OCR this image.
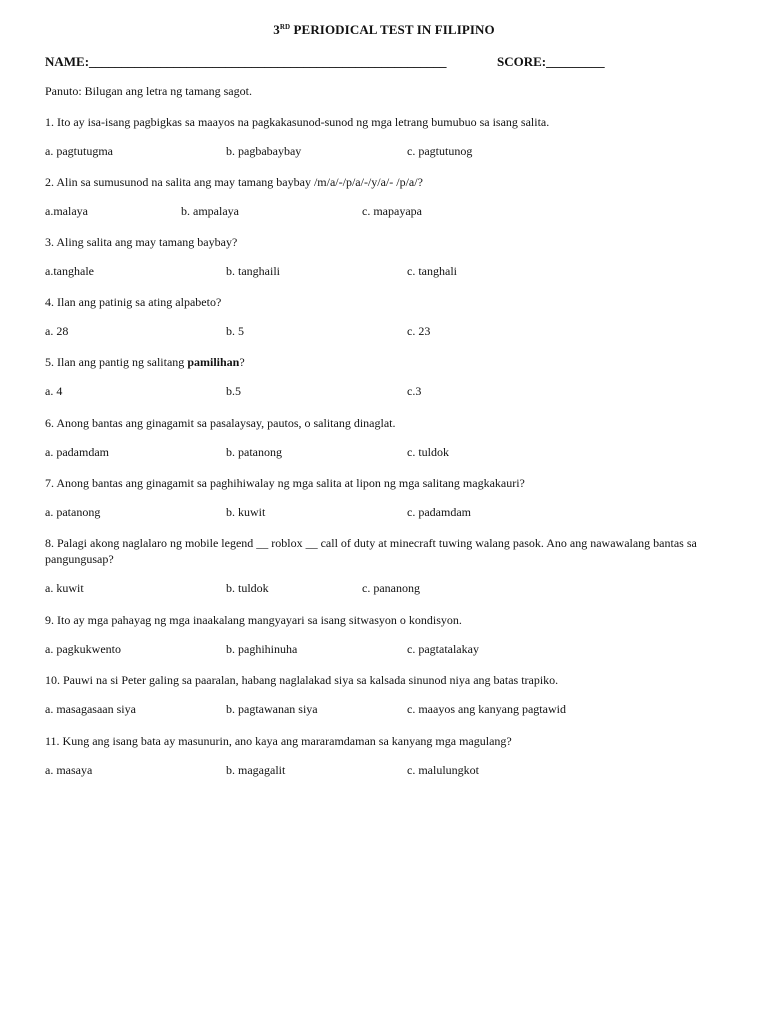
3RD PERIODICAL TEST IN FILIPINO
NAME:_______________________________________________________	SCORE:_________
Panuto: Bilugan ang letra ng tamang sagot.
1. Ito ay isa-isang pagbigkas sa maayos na pagkakasunod-sunod ng mga letrang bumubuo sa isang salita.
a. pagtutugma	b. pagbabaybay	c. pagtutunog
2. Alin sa sumusunod na salita ang may tamang baybay /m/a/-/p/a/-/y/a/- /p/a/?
a.malaya	b. ampalaya	c. mapayapa
3. Aling salita ang may tamang baybay?
a.tanghale	b. tanghaili	c. tanghali
4. Ilan ang patinig sa ating alpabeto?
a. 28	b. 5	c. 23
5. Ilan ang pantig ng salitang pamilihan?
a. 4	b.5	c.3
6. Anong bantas ang ginagamit sa pasalaysay, pautos, o salitang dinaglat.
a. padamdam	b. patanong	c. tuldok
7. Anong bantas ang ginagamit sa paghihiwalay ng mga salita at lipon ng mga salitang magkakauri?
a. patanong	b. kuwit	c. padamdam
8. Palagi akong naglalaro ng mobile legend __ roblox __ call of duty at minecraft tuwing walang pasok. Ano ang nawawalang bantas sa pangungusap?
a. kuwit	b. tuldok	c. pananong
9. Ito ay mga pahayag ng mga inaakalang mangyayari sa isang sitwasyon o kondisyon.
a. pagkukwento	b. paghihinuha	c. pagtatalakay
10. Pauwi na si Peter galing sa paaralan, habang naglalakad siya sa kalsada sinunod niya ang batas trapiko.
a. masagasaan siya	b. pagtawanan siya	c. maayos ang kanyang pagtawid
11. Kung ang isang bata ay masunurin, ano kaya ang mararamdaman sa kanyang mga magulang?
a. masaya	b. magagalit	c. malulungkot
